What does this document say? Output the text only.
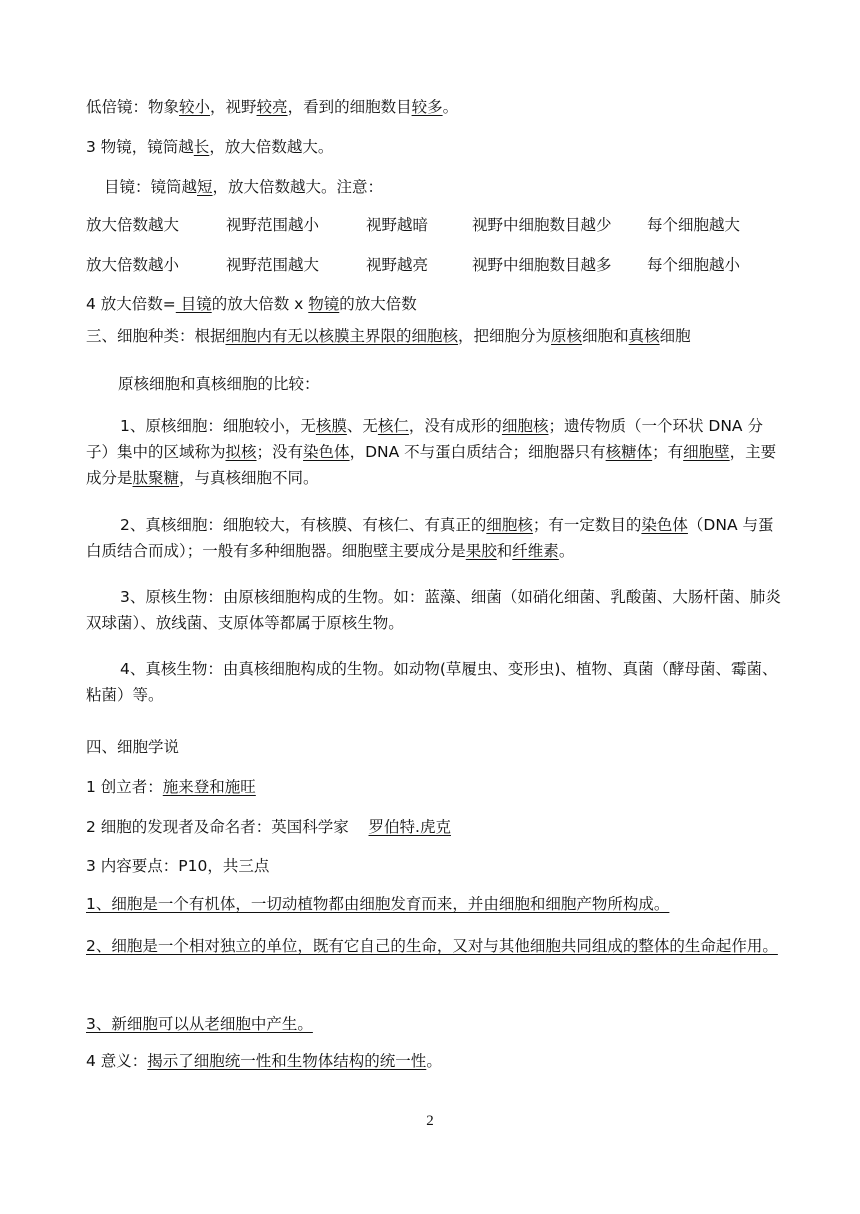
低倍镜：物象较小，视野较亮，看到的细胞数目较多。
3 物镜，镜筒越长，放大倍数越大。
目镜：镜筒越短，放大倍数越大。注意：
放大倍数越大	视野范围越小	视野越暗	视野中细胞数目越少 每个细胞越大
放大倍数越小	视野范围越大	视野越亮	视野中细胞数目越多 每个细胞越小
4 放大倍数= 目镜的放大倍数 x 物镜的放大倍数
三、细胞种类：根据细胞内有无以核膜主界限的细胞核，把细胞分为原核细胞和真核细胞
原核细胞和真核细胞的比较：
1、原核细胞：细胞较小，无核膜、无核仁，没有成形的细胞核；遗传物质（一个环状 DNA 分子）集中的区域称为拟核；没有染色体，DNA 不与蛋白质结合；细胞器只有核糖体；有细胞壁，主要成分是肽聚糖，与真核细胞不同。
2、真核细胞：细胞较大，有核膜、有核仁、有真正的细胞核；有一定数目的染色体（DNA 与蛋白质结合而成）；一般有多种细胞器。细胞壁主要成分是果胶和纤维素。
3、原核生物：由原核细胞构成的生物。如：蓝藻、细菌（如硝化细菌、乳酸菌、大肠杆菌、肺炎双球菌）、放线菌、支原体等都属于原核生物。
4、真核生物：由真核细胞构成的生物。如动物(草履虫、变形虫)、植物、真菌（酵母菌、霉菌、粘菌）等。
四、细胞学说
1 创立者：施来登和施旺
2 细胞的发现者及命名者：英国科学家 罗伯特.虎克
3 内容要点：P10，共三点
1、细胞是一个有机体，一切动植物都由细胞发育而来，并由细胞和细胞产物所构成。
2、细胞是一个相对独立的单位，既有它自己的生命，又对与其他细胞共同组成的整体的生命起作用。
3、新细胞可以从老细胞中产生。
4 意义：揭示了细胞统一性和生物体结构的统一性。
2
